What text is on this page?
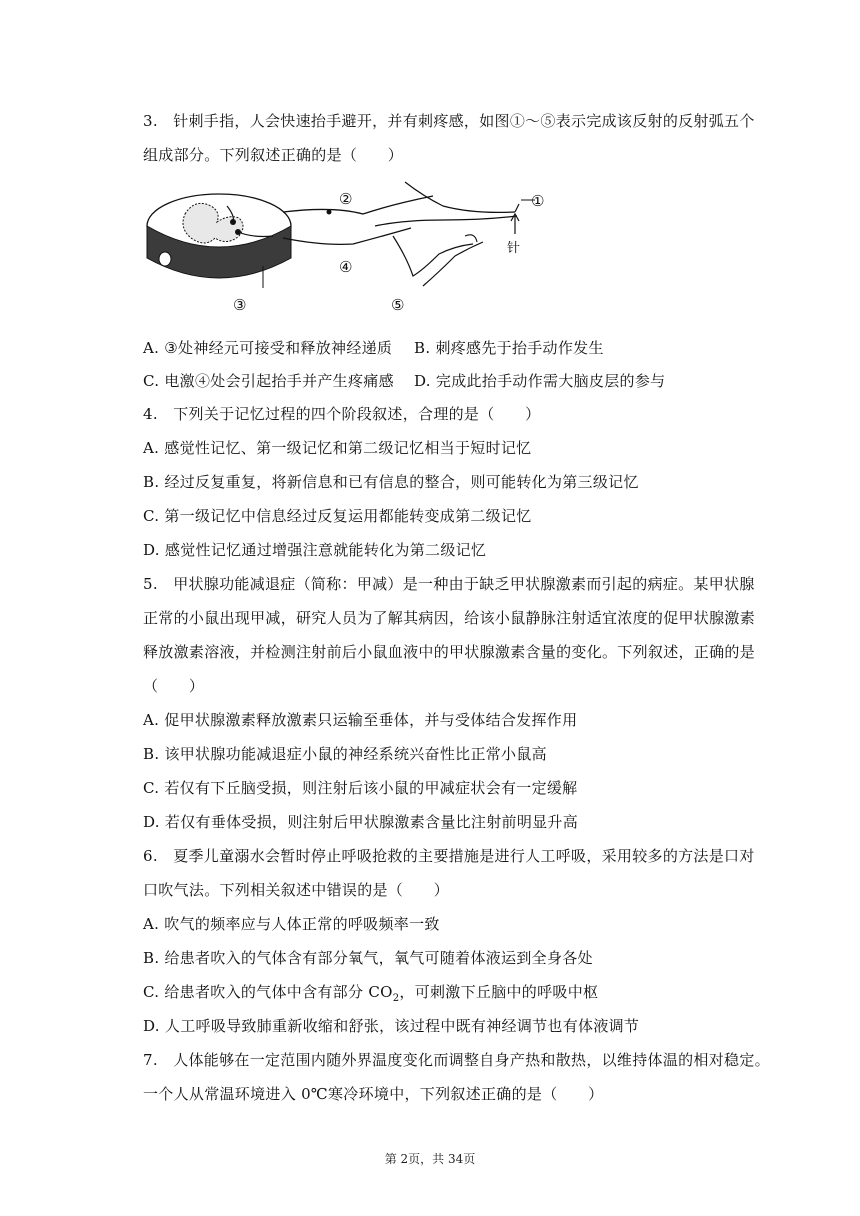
3.　针刺手指，人会快速抬手避开，并有刺疼感，如图①～⑤表示完成该反射的反射弧五个
组成部分。下列叙述正确的是（　　）
①
②
③
④
⑤
针
A. ③处神经元可接受和释放神经递质 B. 刺疼感先于抬手动作发生
C. 电激④处会引起抬手并产生疼痛感 D. 完成此抬手动作需大脑皮层的参与
4.　下列关于记忆过程的四个阶段叙述，合理的是（　　）
A. 感觉性记忆、第一级记忆和第二级记忆相当于短时记忆
B. 经过反复重复，将新信息和已有信息的整合，则可能转化为第三级记忆
C. 第一级记忆中信息经过反复运用都能转变成第二级记忆
D. 感觉性记忆通过增强注意就能转化为第二级记忆
5.　甲状腺功能减退症（简称：甲减）是一种由于缺乏甲状腺激素而引起的病症。某甲状腺
正常的小鼠出现甲减，研究人员为了解其病因，给该小鼠静脉注射适宜浓度的促甲状腺激素
释放激素溶液，并检测注射前后小鼠血液中的甲状腺激素含量的变化。下列叙述，正确的是
（　　）
A. 促甲状腺激素释放激素只运输至垂体，并与受体结合发挥作用
B. 该甲状腺功能减退症小鼠的神经系统兴奋性比正常小鼠高
C. 若仅有下丘脑受损，则注射后该小鼠的甲减症状会有一定缓解
D. 若仅有垂体受损，则注射后甲状腺激素含量比注射前明显升高
6.　夏季儿童溺水会暂时停止呼吸抢救的主要措施是进行人工呼吸，采用较多的方法是口对
口吹气法。下列相关叙述中错误的是（　　）
A. 吹气的频率应与人体正常的呼吸频率一致
B. 给患者吹入的气体含有部分氧气，氧气可随着体液运到全身各处
C. 给患者吹入的气体中含有部分 $CO_2$，可刺激下丘脑中的呼吸中枢
D. 人工呼吸导致肺重新收缩和舒张，该过程中既有神经调节也有体液调节
7.　人体能够在一定范围内随外界温度变化而调整自身产热和散热，以维持体温的相对稳定。
一个人从常温环境进入 0℃寒冷环境中，下列叙述正确的是（　　）
第 2页，共 34页
